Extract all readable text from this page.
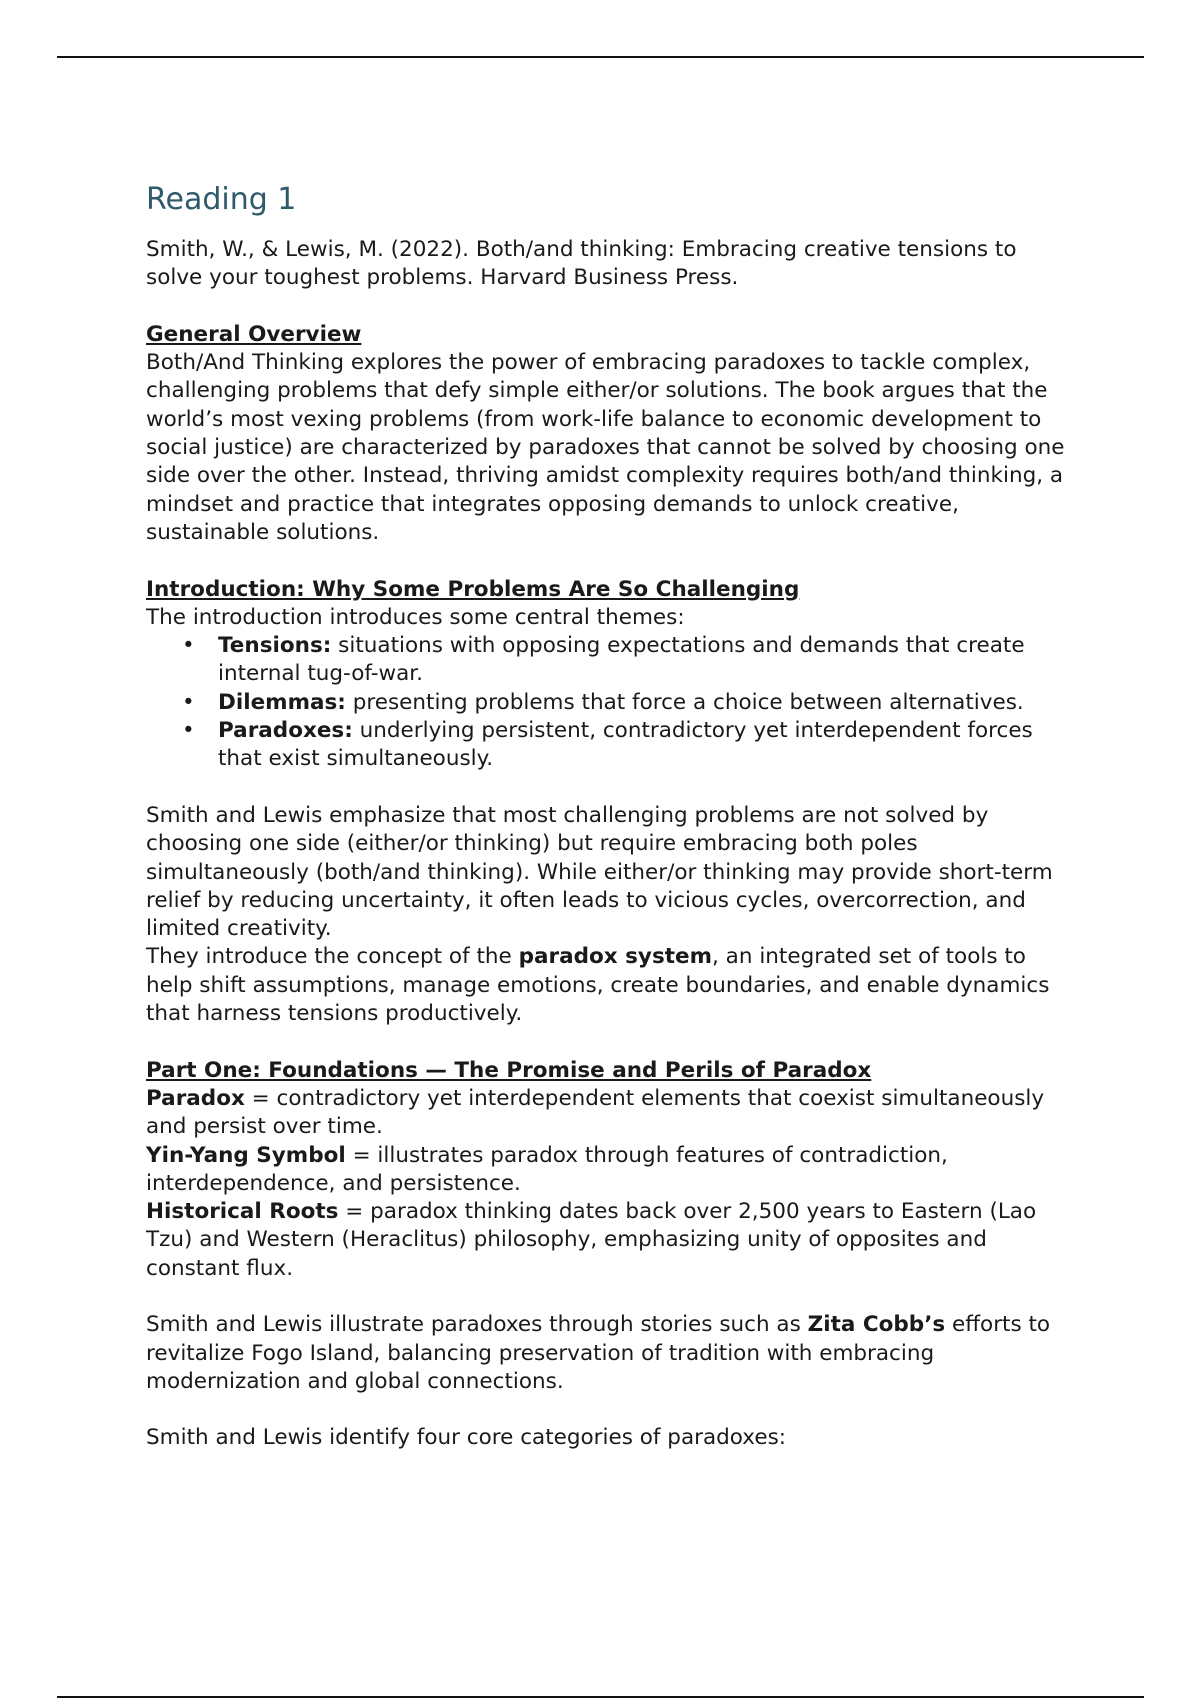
Reading 1

Smith, W., & Lewis, M. (2022). Both/and thinking: Embracing creative tensions to solve your toughest problems. Harvard Business Press.

General Overview

Both/And Thinking explores the power of embracing paradoxes to tackle complex, challenging problems that defy simple either/or solutions. The book argues that the world’s most vexing problems (from work-life balance to economic development to social justice) are characterized by paradoxes that cannot be solved by choosing one side over the other. Instead, thriving amidst complexity requires both/and thinking, a mindset and practice that integrates opposing demands to unlock creative, sustainable solutions.

Introduction: Why Some Problems Are So Challenging

The introduction introduces some central themes:

• Tensions: situations with opposing expectations and demands that create internal tug-of-war.
• Dilemmas: presenting problems that force a choice between alternatives.
• Paradoxes: underlying persistent, contradictory yet interdependent forces that exist simultaneously.

Smith and Lewis emphasize that most challenging problems are not solved by choosing one side (either/or thinking) but require embracing both poles simultaneously (both/and thinking). While either/or thinking may provide short-term relief by reducing uncertainty, it often leads to vicious cycles, overcorrection, and limited creativity.

They introduce the concept of the paradox system, an integrated set of tools to help shift assumptions, manage emotions, create boundaries, and enable dynamics that harness tensions productively.

Part One: Foundations — The Promise and Perils of Paradox

Paradox = contradictory yet interdependent elements that coexist simultaneously and persist over time.

Yin-Yang Symbol = illustrates paradox through features of contradiction, interdependence, and persistence.

Historical Roots = paradox thinking dates back over 2,500 years to Eastern (Lao Tzu) and Western (Heraclitus) philosophy, emphasizing unity of opposites and constant flux.

Smith and Lewis illustrate paradoxes through stories such as Zita Cobb’s efforts to revitalize Fogo Island, balancing preservation of tradition with embracing modernization and global connections.

Smith and Lewis identify four core categories of paradoxes:
